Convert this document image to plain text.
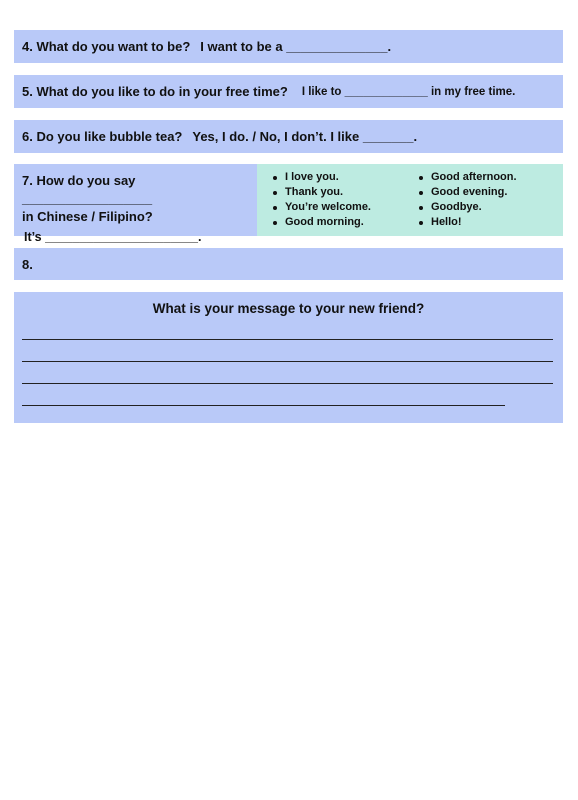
4. What do you want to be? I want to be a ______________.
5. What do you like to do in your free time? I like to _____________ in my free time.
6. Do you like bubble tea? Yes, I do. / No, I don’t. I like _______.
7. How do you say __________________
in Chinese / Filipino?
It’s ______________________.
I love you.
Thank you.
You’re welcome.
Good morning.
Good afternoon.
Good evening.
Goodbye.
Hello!
8.
What is your message to your new friend?
